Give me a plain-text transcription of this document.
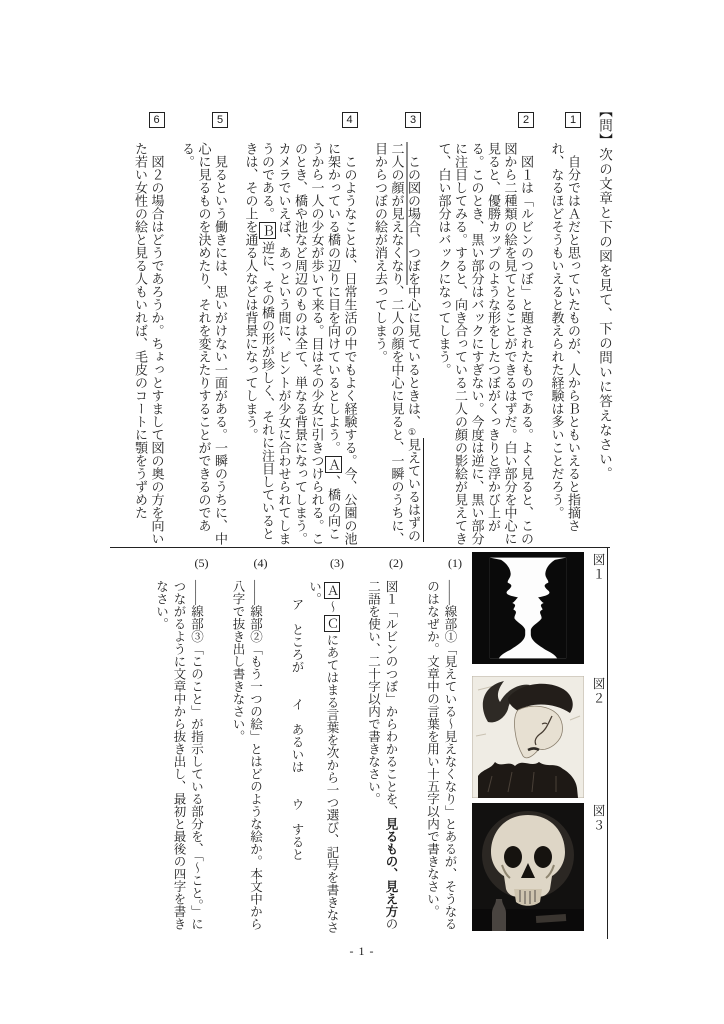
【問】次の文章と下の図を見て、下の問いに答えなさい。
1
自分ではＡだと思っていたものが、人からＢともいえると指摘され、なるほどそうもいえると教えられた経験は多いことだろう。
2
図１は「ルビンのつぼ」と題されたものである。よく見ると、この図から二種類の絵を見てとることができるはずだ。白い部分を中心に見ると、優勝カップのような形をしたつぼがくっきりと浮かび上がる。このとき、黒い部分はバックにすぎない。今度は逆に、黒い部分に注目してみる。すると、向き合っている二人の顔の影絵が見えてきて、白い部分はバックになってしまう。
3
この図の場合、つぼを中心に見ているときは、①見えているはずの二人の顔が見えなくなり、二人の顔を中心に見ると、一瞬のうちに、目からつぼの絵が消え去ってしまう。
4
このようなことは、日常生活の中でもよく経験する。今、公園の池に架かっている橋の辺りに目を向けているとしよう。Ａ、橋の向こうから一人の少女が歩いて来る。目はその少女に引きつけられる。このとき、橋や池など周辺のものは全て、単なる背景になってしまう。カメラでいえば、あっという間に、ピントが少女に合わせられてしまうのである。Ｂ逆に、その橋の形が珍しく、それに注目しているときは、その上を通る人などは背景になってしまう。
5
見るという働きには、思いがけない一面がある。一瞬のうちに、中心に見るものを決めたり、それを変えたりすることができるのである。
6
図２の場合はどうであろうか。ちょっとすまして図の奥の方を向いた若い女性の絵と見る人もいれば、毛皮のコートに顎をうずめた
(1)
——線部①「見えている〜見えなくなり」とあるが、そうなるのはなぜか。文章中の言葉を用い十五字以内で書きなさい。
(2)
図１「ルビンのつぼ」からわかることを、見るもの、見え方の二語を使い、二十字以内で書きなさい。
(3)
Ａ〜Ｃにあてはまる言葉を次から一つ選び、記号を書きなさい。
ア　ところが　　イ　あるいは　　ウ　すると
(4)
——線部②「もう一つの絵」とはどのような絵か。本文中から八字で抜き出し書きなさい。
(5)
——線部③「このこと」が指示している部分を、「〜こと。」につながるように文章中から抜き出し、最初と最後の四字を書きなさい。
図１
図２
図３
- 1 -
